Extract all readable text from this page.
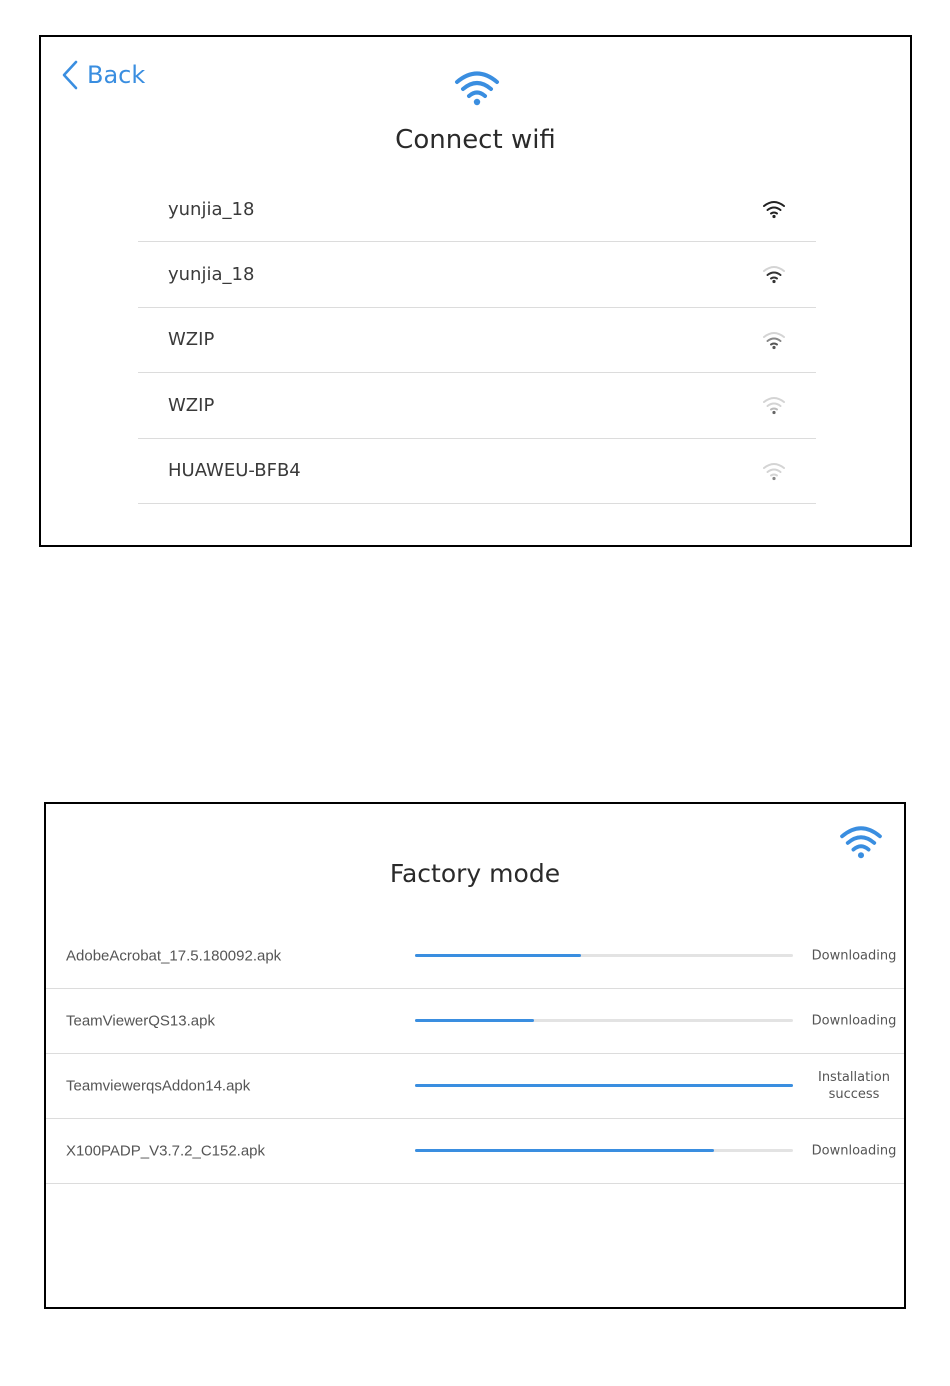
Back
Connect wifi
yunjia_18
yunjia_18
WZIP
WZIP
HUAWEU-BFB4
Factory mode
AdobeAcrobat_17.5.180092.apk	Downloading
TeamViewerQS13.apk	Downloading
TeamviewerqsAddon14.apk	Installation success
X100PADP_V3.7.2_C152.apk	Downloading
